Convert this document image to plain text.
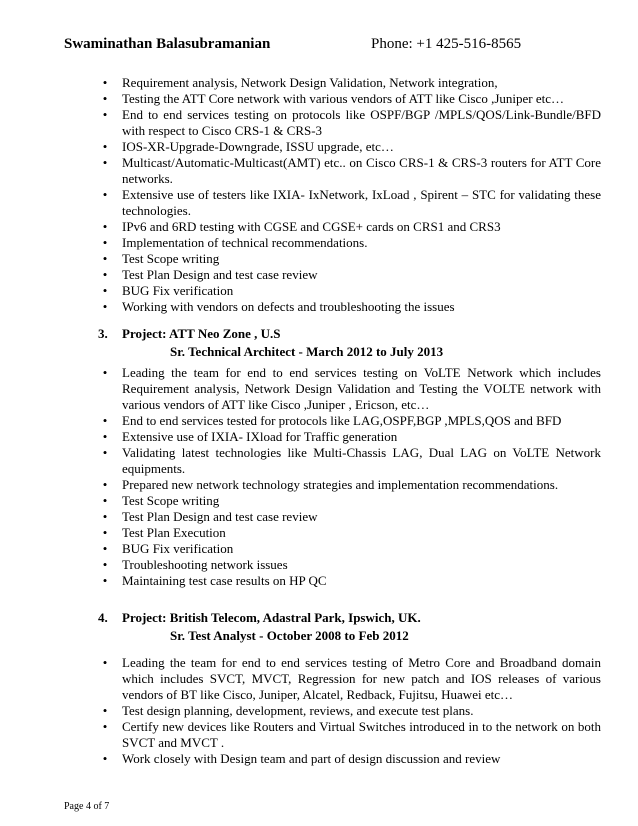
Swaminathan Balasubramanian	Phone: +1 425-516-8565
•	Requirement analysis, Network Design Validation, Network integration,
•	Testing the ATT Core network with various vendors of ATT like Cisco ,Juniper etc…
•	End to end services testing on protocols like OSPF/BGP /MPLS/QOS/Link-Bundle/BFD with respect to Cisco CRS-1 & CRS-3
•	IOS-XR-Upgrade-Downgrade, ISSU upgrade, etc…
•	Multicast/Automatic-Multicast(AMT) etc.. on Cisco CRS-1 & CRS-3 routers for ATT Core networks.
•	Extensive use of testers like IXIA- IxNetwork, IxLoad , Spirent – STC for validating these technologies.
•	IPv6 and 6RD testing with CGSE and CGSE+ cards on CRS1 and CRS3
•	Implementation of technical recommendations.
•	Test Scope writing
•	Test Plan Design and test case review
•	BUG Fix verification
•	Working with vendors on defects and troubleshooting the issues
3. Project: ATT Neo Zone , U.S
Sr. Technical Architect - March 2012 to July 2013
•	Leading the team for end to end services testing on VoLTE Network which includes Requirement analysis, Network Design Validation and Testing the VOLTE network with various vendors of ATT like Cisco ,Juniper , Ericson, etc…
•	End to end services tested for protocols like LAG,OSPF,BGP ,MPLS,QOS and BFD
•	Extensive use of IXIA- IXload for Traffic generation
•	Validating latest technologies like Multi-Chassis LAG, Dual LAG on VoLTE Network equipments.
•	Prepared new network technology strategies and implementation recommendations.
•	Test Scope writing
•	Test Plan Design and test case review
•	Test Plan Execution
•	BUG Fix verification
•	Troubleshooting network issues
•	Maintaining test case results on HP QC
4. Project: British Telecom, Adastral Park, Ipswich, UK.
Sr. Test Analyst - October 2008 to Feb 2012
•	Leading the team for end to end services testing of Metro Core and Broadband domain which includes SVCT, MVCT, Regression for new patch and IOS releases of various vendors of BT like Cisco, Juniper, Alcatel, Redback, Fujitsu, Huawei etc…
•	Test design planning, development, reviews, and execute test plans.
•	Certify new devices like Routers and Virtual Switches introduced in to the network on both SVCT and MVCT .
•	Work closely with Design team and part of design discussion and review
Page 4 of 7
